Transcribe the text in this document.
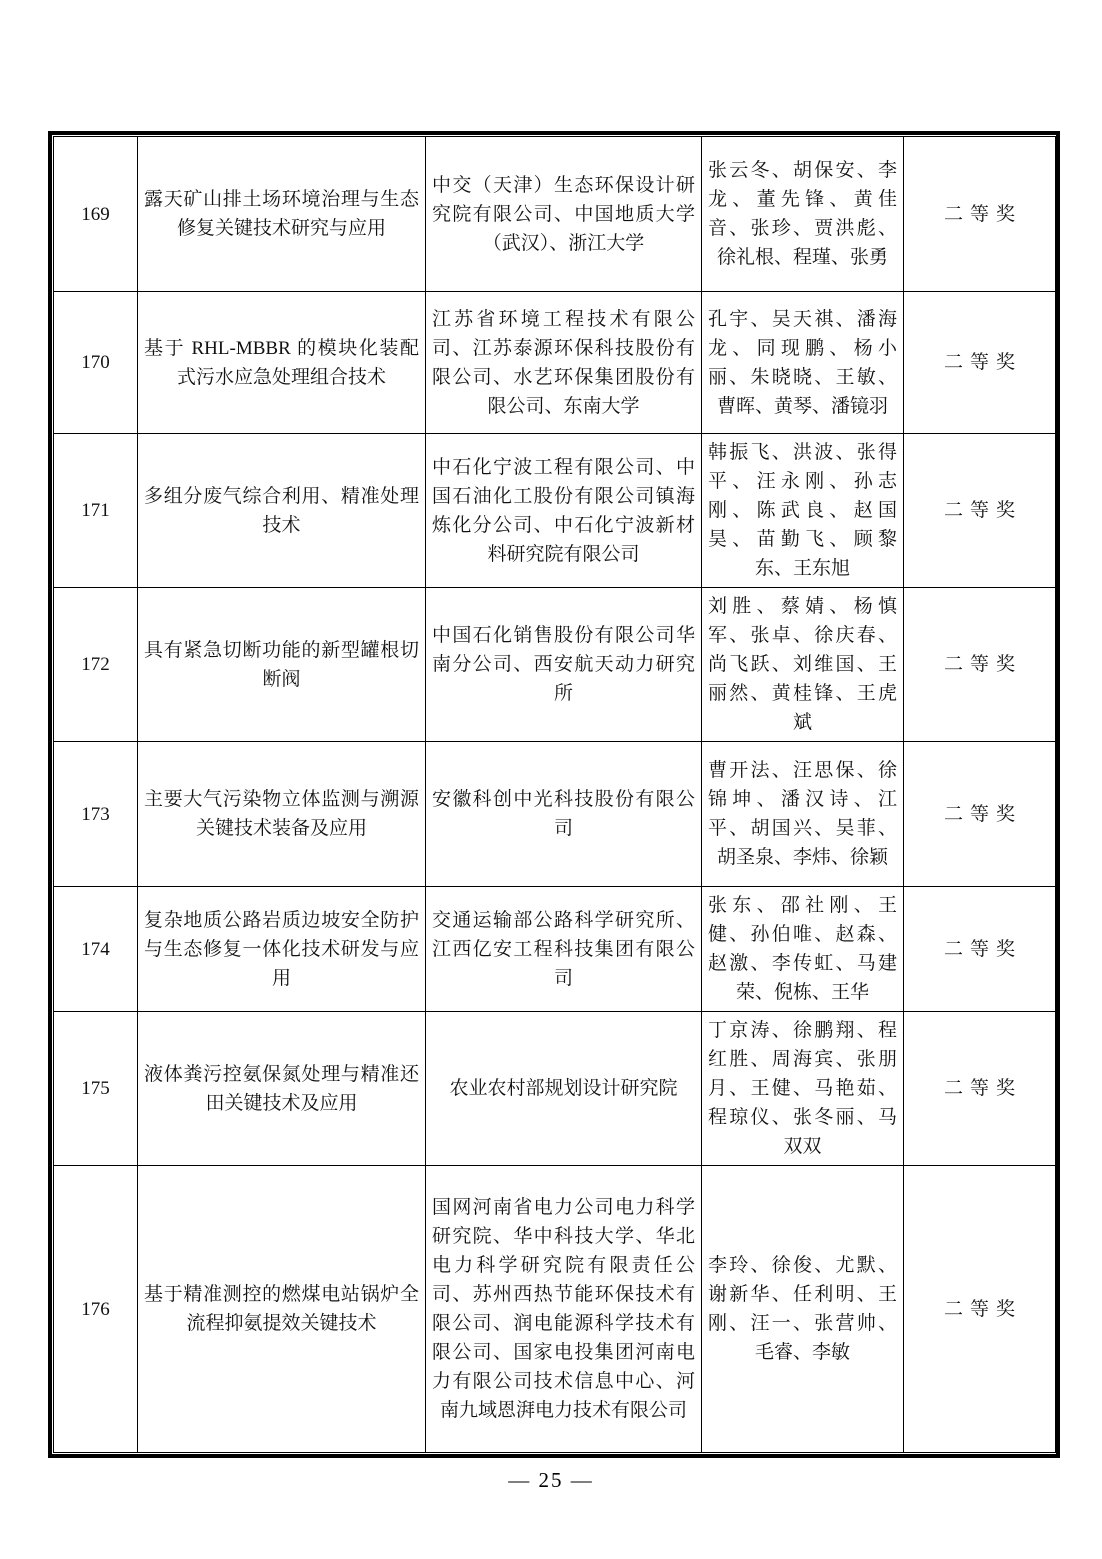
169	露天矿山排土场环境治理与生态修复关键技术研究与应用	中交（天津）生态环保设计研究院有限公司、中国地质大学（武汉）、浙江大学	张云冬、胡保安、李龙、董先锋、黄佳音、张珍、贾洪彪、徐礼根、程瑾、张勇	二等奖
170	基于 RHL-MBBR 的模块化装配式污水应急处理组合技术	江苏省环境工程技术有限公司、江苏泰源环保科技股份有限公司、水艺环保集团股份有限公司、东南大学	孔宇、吴天祺、潘海龙、同现鹏、杨小丽、朱晓晓、王敏、曹晖、黄琴、潘镜羽	二等奖
171	多组分废气综合利用、精准处理技术	中石化宁波工程有限公司、中国石油化工股份有限公司镇海炼化分公司、中石化宁波新材料研究院有限公司	韩振飞、洪波、张得平、汪永刚、孙志刚、陈武良、赵国昊、苗勤飞、顾黎东、王东旭	二等奖
172	具有紧急切断功能的新型罐根切断阀	中国石化销售股份有限公司华南分公司、西安航天动力研究所	刘胜、蔡婧、杨慎军、张卓、徐庆春、尚飞跃、刘维国、王丽然、黄桂锋、王虎斌	二等奖
173	主要大气污染物立体监测与溯源关键技术装备及应用	安徽科创中光科技股份有限公司	曹开法、汪思保、徐锦坤、潘汉诗、江平、胡国兴、吴菲、胡圣泉、李炜、徐颖	二等奖
174	复杂地质公路岩质边坡安全防护与生态修复一体化技术研发与应用	交通运输部公路科学研究所、江西亿安工程科技集团有限公司	张东、邵社刚、王健、孙伯唯、赵森、赵激、李传虹、马建荣、倪栋、王华	二等奖
175	液体粪污控氨保氮处理与精准还田关键技术及应用	农业农村部规划设计研究院	丁京涛、徐鹏翔、程红胜、周海宾、张朋月、王健、马艳茹、程琼仪、张冬丽、马双双	二等奖
176	基于精准测控的燃煤电站锅炉全流程抑氨提效关键技术	国网河南省电力公司电力科学研究院、华中科技大学、华北电力科学研究院有限责任公司、苏州西热节能环保技术有限公司、润电能源科学技术有限公司、国家电投集团河南电力有限公司技术信息中心、河南九域恩湃电力技术有限公司	李玲、徐俊、尤默、谢新华、任利明、王刚、汪一、张营帅、毛睿、李敏	二等奖
— 25 —
